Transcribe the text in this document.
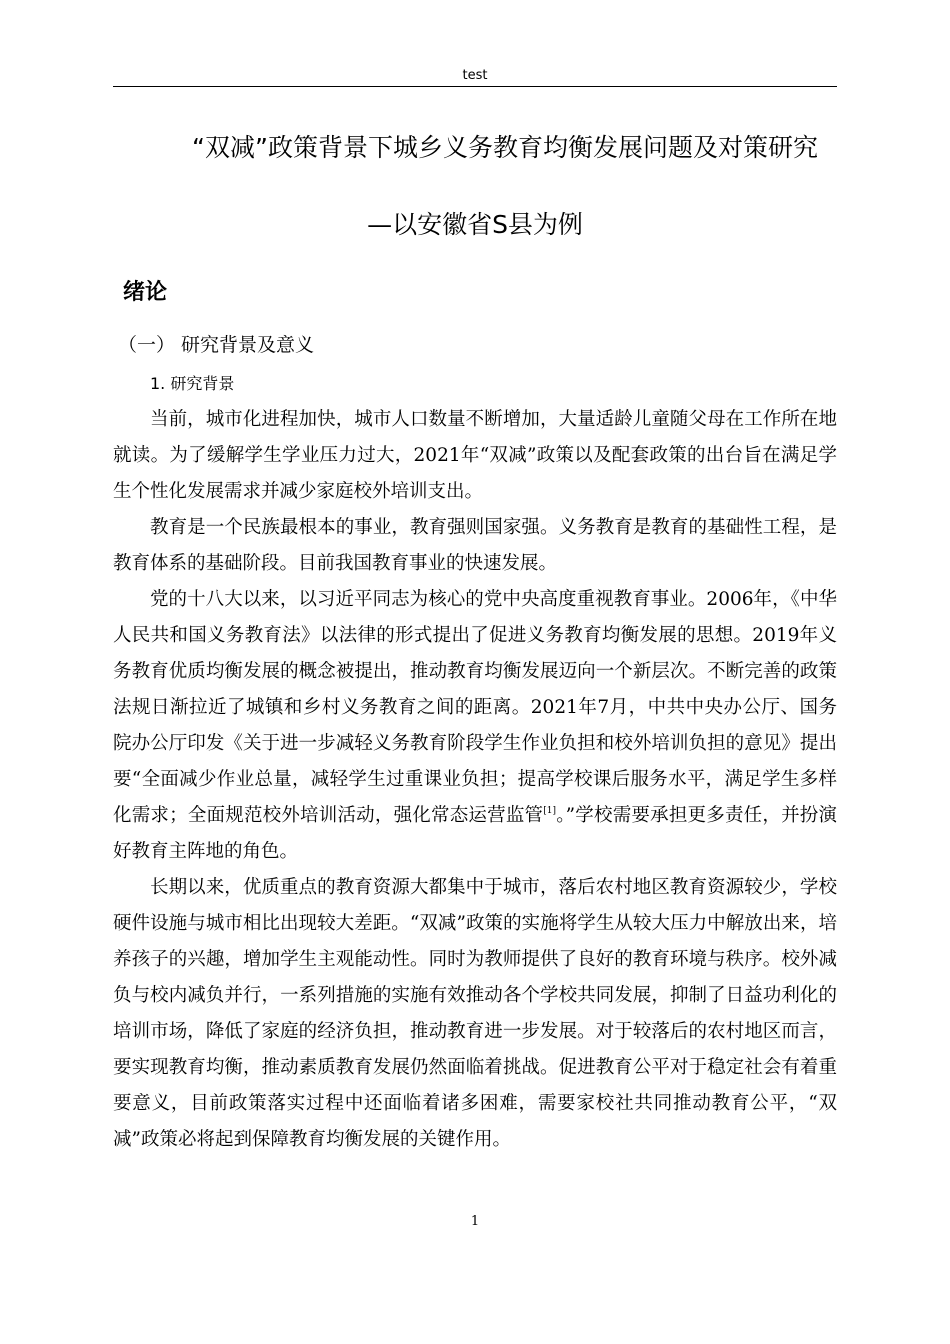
test
“双减”政策背景下城乡义务教育均衡发展问题及对策研究
—以安徽省S县为例
绪论
（一） 研究背景及意义
1. 研究背景

当前，城市化进程加快，城市人口数量不断增加，大量适龄儿童随父母在工作所在地就读。为了缓解学生学业压力过大，2021年“双减”政策以及配套政策的出台旨在满足学生个性化发展需求并减少家庭校外培训支出。

教育是一个民族最根本的事业，教育强则国家强。义务教育是教育的基础性工程，是教育体系的基础阶段。目前我国教育事业的快速发展。

党的十八大以来，以习近平同志为核心的党中央高度重视教育事业。2006年，《中华人民共和国义务教育法》以法律的形式提出了促进义务教育均衡发展的思想。2019年义务教育优质均衡发展的概念被提出，推动教育均衡发展迈向一个新层次。不断完善的政策法规日渐拉近了城镇和乡村义务教育之间的距离。2021年7月，中共中央办公厅、国务院办公厅印发《关于进一步减轻义务教育阶段学生作业负担和校外培训负担的意见》提出要“全面减少作业总量，减轻学生过重课业负担；提高学校课后服务水平，满足学生多样化需求；全面规范校外培训活动，强化常态运营监管[1]。”学校需要承担更多责任，并扮演好教育主阵地的角色。

长期以来，优质重点的教育资源大都集中于城市，落后农村地区教育资源较少，学校硬件设施与城市相比出现较大差距。“双减”政策的实施将学生从较大压力中解放出来，培养孩子的兴趣，增加学生主观能动性。同时为教师提供了良好的教育环境与秩序。校外减负与校内减负并行，一系列措施的实施有效推动各个学校共同发展，抑制了日益功利化的培训市场，降低了家庭的经济负担，推动教育进一步发展。对于较落后的农村地区而言，要实现教育均衡，推动素质教育发展仍然面临着挑战。促进教育公平对于稳定社会有着重要意义，目前政策落实过程中还面临着诸多困难，需要家校社共同推动教育公平，“双减”政策必将起到保障教育均衡发展的关键作用。

1
